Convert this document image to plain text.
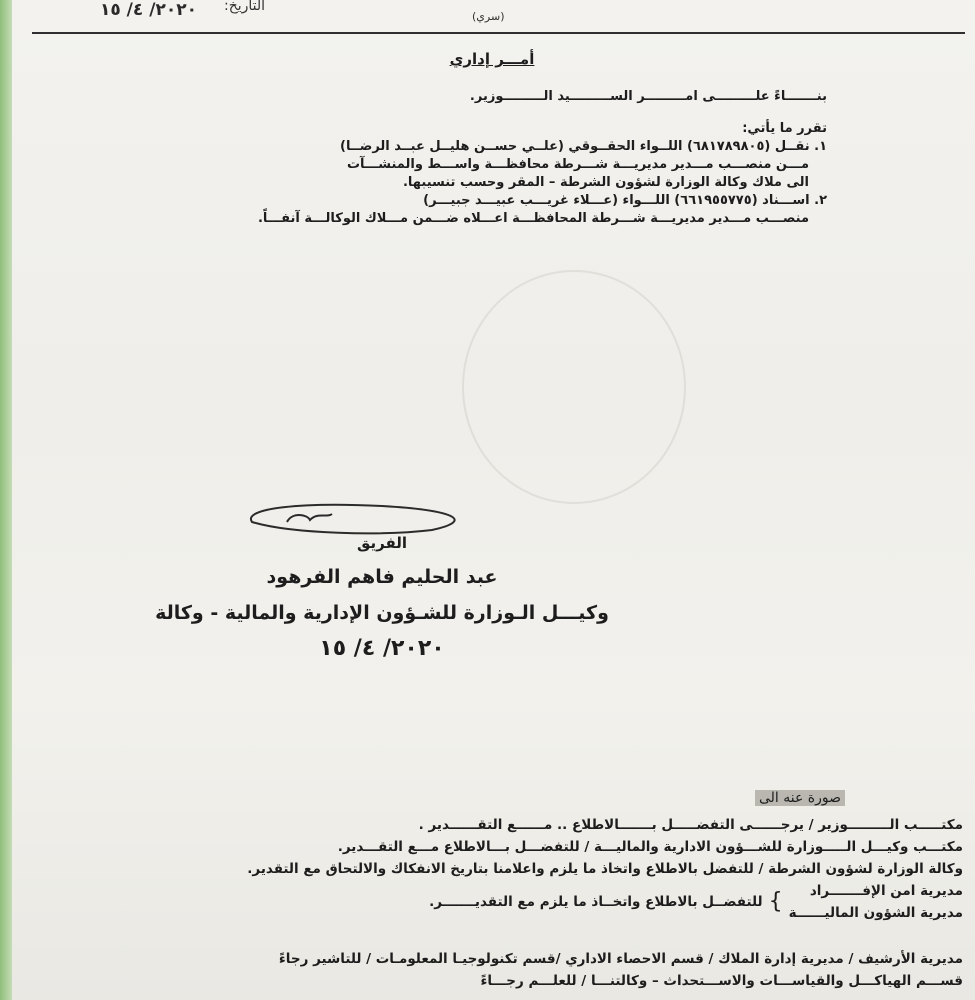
٢٠٢٠/ ٤/ ١٥ التاريخ:
(سري)
أمـــر إداري
بنـــــــاءً علـــــــــى امـــــــــر الســـــــــيد الـــــــــوزير.
تقرر ما يأتي:
١. نقــل (٦٨١٧٨٩٨٠٥) اللــواء الحقــوقي (علــي حســن هليــل عبــد الرضــا)
مـــن منصـــب مـــدير مديريـــة شـــرطة محافظـــة واســـط والمنشـــآت
الى ملاك وكالة الوزارة لشؤون الشرطة – المقر وحسب تنسيبها.
٢. اســـناد (٦٦١٩٥٥٧٧٥) اللـــواء (عـــلاء غريـــب عبيـــد جبيـــر)
منصـــب مـــدير مديريـــة شـــرطة المحافظـــة اعـــلاه ضـــمن مـــلاك الوكالـــة آنفـــاً.
الفريق
عبد الحليم فاهم الفرهود
وكيـــل الـوزارة للشـؤون الإدارية والمالية - وكالة
٢٠٢٠/ ٤/ ١٥
صورة عنه الى
مكتـــــب الـــــــــوزير / يرجــــــى التفضـــــل بـــــــالاطلاع .. مــــــع التقــــــدير .
مكتـــب وكيـــل الـــــوزارة للشـــؤون الادارية والماليـــة / للتفضـــل بـــالاطلاع مـــع التقـــدير.
وكالة الوزارة لشؤون الشرطة / للتفضل بالاطلاع واتخاذ ما يلزم واعلامنا بتاريخ الانفكاك والالتحاق مع التقدير.
مديرية امن الإفـــــــراد
مديرية الشؤون الماليــــــة
}
للتفضــل بالاطلاع واتخــاذ ما يلزم مع التقديـــــــر.
مديرية الأرشيف / مديرية إدارة الملاك / قسم الاحصاء الاداري /قسم تكنولوجيـا المعلومـات / للتاشير رجاءً
قســـم الهياكـــل والقياســـات والاســـتحداث – وكالتنـــا / للعلـــم رجـــاءً
